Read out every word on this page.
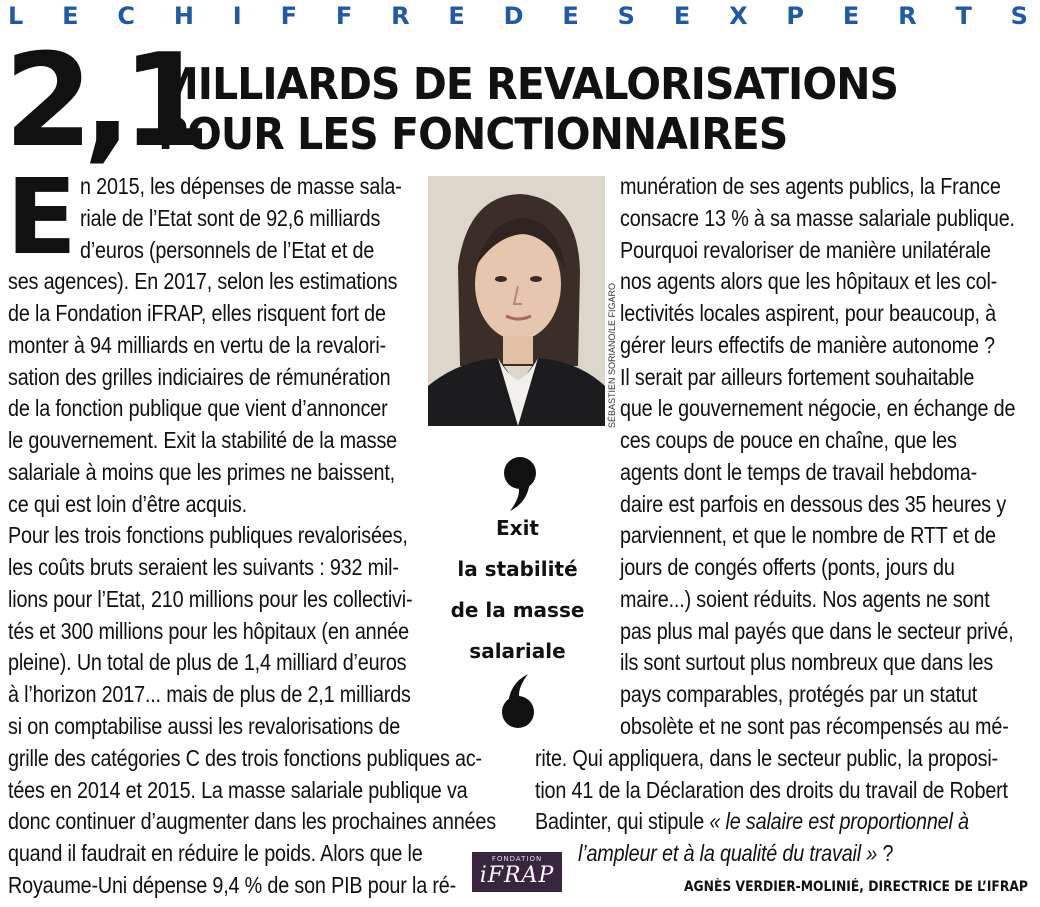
L E C H I F F R E D E S E X P E R T S
2,1
MILLIARDS DE REVALORISATIONS
POUR LES FONCTIONNAIRES
E
SÉBASTIEN SORIANO/LE FIGARO
Exit
la stabilité
de la masse
salariale
n 2015, les dépenses de masse sala-
riale de l’Etat sont de 92,6 milliards
d’euros (personnels de l’Etat et de
ses agences). En 2017, selon les estimations
de la Fondation iFRAP, elles risquent fort de
monter à 94 milliards en vertu de la revalori-
sation des grilles indiciaires de rémunération
de la fonction publique que vient d’annoncer
le gouvernement. Exit la stabilité de la masse
salariale à moins que les primes ne baissent,
ce qui est loin d’être acquis.
Pour les trois fonctions publiques revalorisées,
les coûts bruts seraient les suivants : 932 mil-
lions pour l’Etat, 210 millions pour les collectivi-
tés et 300 millions pour les hôpitaux (en année
pleine). Un total de plus de 1,4 milliard d’euros
à l’horizon 2017... mais de plus de 2,1 milliards
si on comptabilise aussi les revalorisations de
grille des catégories C des trois fonctions publiques ac-
tées en 2014 et 2015. La masse salariale publique va
donc continuer d’augmenter dans les prochaines années
quand il faudrait en réduire le poids. Alors que le
Royaume-Uni dépense 9,4 % de son PIB pour la ré-
munération de ses agents publics, la France
consacre 13 % à sa masse salariale publique.
Pourquoi revaloriser de manière unilatérale
nos agents alors que les hôpitaux et les col-
lectivités locales aspirent, pour beaucoup, à
gérer leurs effectifs de manière autonome ?
Il serait par ailleurs fortement souhaitable
que le gouvernement négocie, en échange de
ces coups de pouce en chaîne, que les
agents dont le temps de travail hebdoma-
daire est parfois en dessous des 35 heures y
parviennent, et que le nombre de RTT et de
jours de congés offerts (ponts, jours du
maire...) soient réduits. Nos agents ne sont
pas plus mal payés que dans le secteur privé,
ils sont surtout plus nombreux que dans les
pays comparables, protégés par un statut
obsolète et ne sont pas récompensés au mé-
rite. Qui appliquera, dans le secteur public, la proposi-
tion 41 de la Déclaration des droits du travail de Robert
Badinter, qui stipule « le salaire est proportionnel à
l’ampleur et à la qualité du travail » ?
FONDATION
iFRAP	AGNÈS VERDIER-MOLINIÉ, DIRECTRICE DE L’IFRAP
